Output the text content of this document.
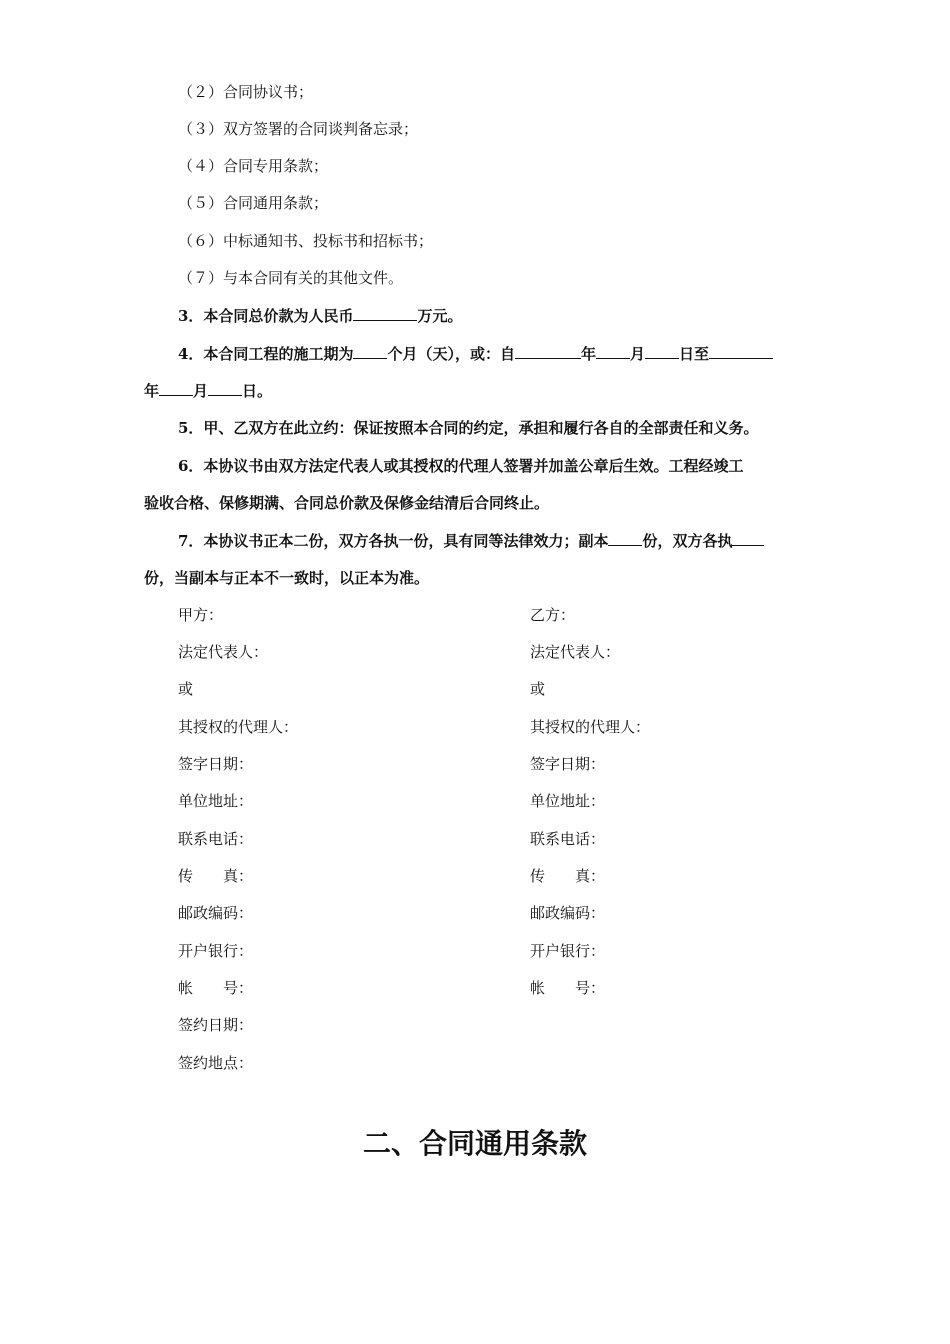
（２）合同协议书；
（３）双方签署的合同谈判备忘录；
（４）合同专用条款；
（５）合同通用条款；
（６）中标通知书、投标书和招标书；
（７）与本合同有关的其他文件。
3．本合同总价款为人民币	万元。
4．本合同工程的施工期为 个月（天），或：自	年 月 日至
年 月 日。
5．甲、乙双方在此立约：保证按照本合同的约定，承担和履行各自的全部责任和义务。
6．本协议书由双方法定代表人或其授权的代理人签署并加盖公章后生效。工程经竣工
验收合格、保修期满、合同总价款及保修金结清后合同终止。
7．本协议书正本二份，双方各执一份，具有同等法律效力；副本 份，双方各执
份，当副本与正本不一致时，以正本为准。
甲方：
法定代表人：
或
其授权的代理人：
签字日期：
单位地址：
联系电话：
传　　真：
邮政编码：
开户银行：
帐　　号：
签约日期：
签约地点：
乙方：
法定代表人：
或
其授权的代理人：
签字日期：
单位地址：
联系电话：
传　　真：
邮政编码：
开户银行：
帐　　号：
二、合同通用条款
